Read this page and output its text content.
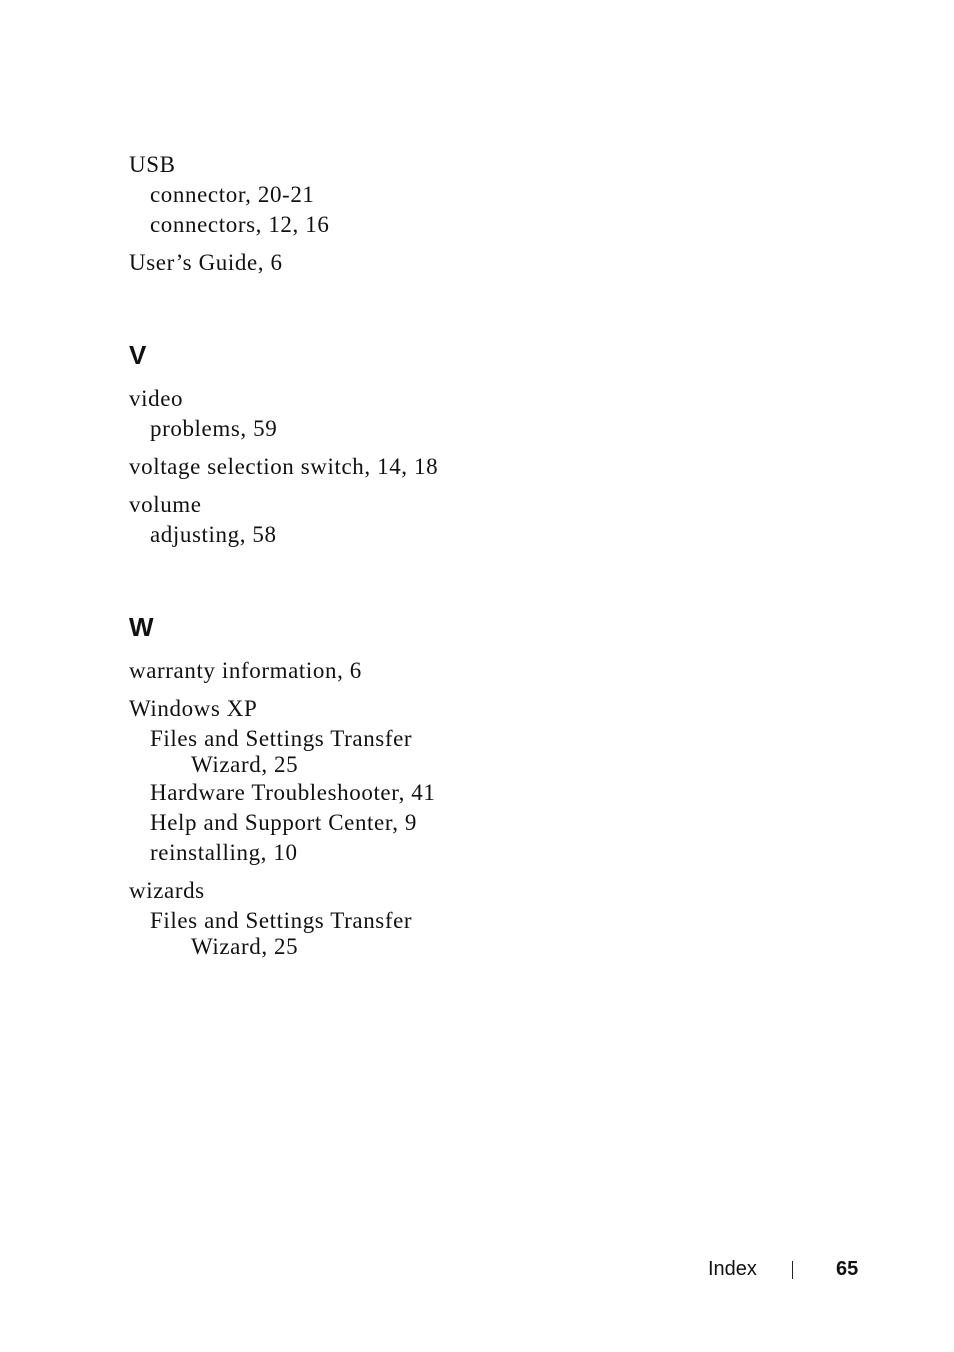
USB
connector, 20-21
connectors, 12, 16
User’s Guide, 6
V
video
problems, 59
voltage selection switch, 14, 18
volume
adjusting, 58
W
warranty information, 6
Windows XP
Files and Settings Transfer
Wizard, 25
Hardware Troubleshooter, 41
Help and Support Center, 9
reinstalling, 10
wizards
Files and Settings Transfer
Wizard, 25
Index	65
